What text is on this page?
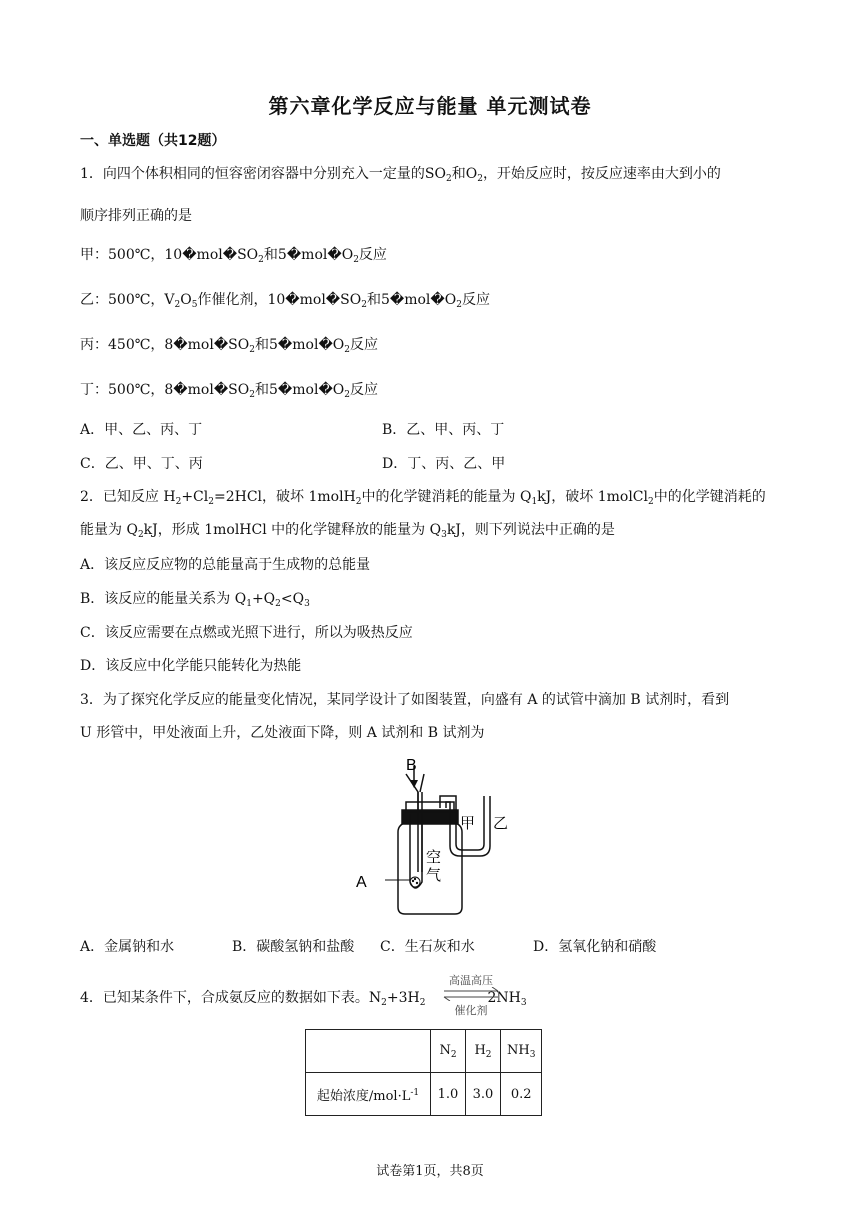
第六章化学反应与能量 单元测试卷
一、单选题（共12题）
1．向四个体积相同的恒容密闭容器中分别充入一定量的$SO_2$和$O_2$，开始反应时，按反应速率由大到小的
顺序排列正确的是
甲：500℃，$10�mol�SO_2$和$5�mol�O_2$反应
乙：500℃，$V_2O_5$作催化剂，$10�mol�SO_2$和$5�mol�O_2$反应
丙：450℃，$8�mol�SO_2$和$5�mol�O_2$反应
丁：500℃，$8�mol�SO_2$和$5�mol�O_2$反应
A．甲、乙、丙、丁	B．乙、甲、丙、丁
C．乙、甲、丁、丙	D．丁、丙、乙、甲
2．已知反应 $H_2+Cl_2=2HCl$，破坏 1molH$_2$中的化学键消耗的能量为 $Q_1kJ$，破坏 1molCl$_2$中的化学键消耗的
能量为 $Q_2kJ$，形成 1molHCl 中的化学键释放的能量为 $Q_3kJ$，则下列说法中正确的是
A．该反应反应物的总能量高于生成物的总能量
B．该反应的能量关系为 $Q_1+Q_2<Q_3$
C．该反应需要在点燃或光照下进行，所以为吸热反应
D．该反应中化学能只能转化为热能
3．为了探究化学反应的能量变化情况，某同学设计了如图装置，向盛有 A 的试管中滴加 B 试剂时，看到
U 形管中，甲处液面上升，乙处液面下降，则 A 试剂和 B 试剂为
B
A
甲 乙
空
气
A．金属钠和水	B．碳酸氢钠和盐酸 C．生石灰和水	D．氢氧化钠和硝酸
4．已知某条件下，合成氨反应的数据如下表。$N_2+3H_2$	$2NH_3$
高温高压
催化剂
	$N_2$	$H_2$	$NH_3$
起始浓度$/mol\cdot L^{-1}$	1.0	3.0	0.2
试卷第1页，共8页
